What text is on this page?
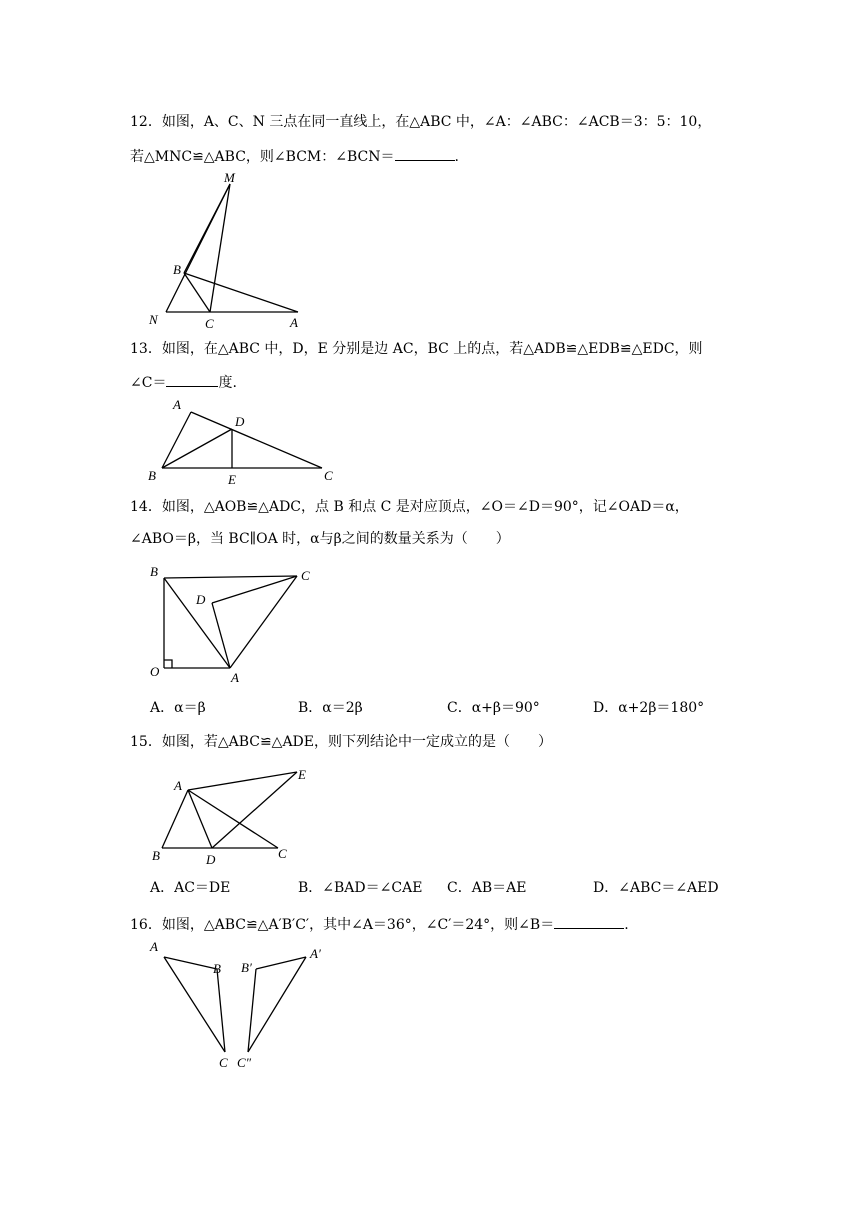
12．如图，A、C、N 三点在同一直线上，在△ABC 中，∠A：∠ABC：∠ACB＝3：5：10，
若△MNC≌△ABC，则∠BCM：∠BCN＝	.
M
B
N	C	A
13．如图，在△ABC 中，D，E 分别是边 AC，BC 上的点，若△ADB≌△EDB≌△EDC，则
∠C＝	度.
A
D
B	E	C
14．如图，△AOB≌△ADC，点 B 和点 C 是对应顶点，∠O＝∠D＝90°，记∠OAD＝α，
∠ABO＝β，当 BC∥OA 时，α与β之间的数量关系为（　　）
B	C
D
O	A
A．α＝β	B．α＝2β	C．α+β＝90°	D．α+2β＝180°
15．如图，若△ABC≌△ADE，则下列结论中一定成立的是（　　）
A
E
B	D	C
A．AC＝DE	B．∠BAD＝∠CAE C．AB＝AE	D．∠ABC＝∠AED
16．如图，△ABC≌△A′B′C′，其中∠A＝36°，∠C′＝24°，则∠B＝	.
A
B B′
A′
C C″
